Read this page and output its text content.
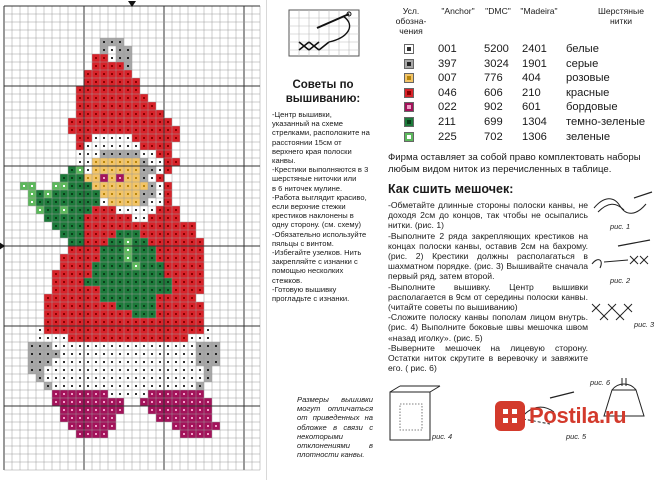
Советы по вышиванию:
-Центр вышивки, указанный на схеме стрелками, расположите на расстоянии 15см от верхнего края полоски канвы.
-Крестики выполняются в 3 шерстяные ниточки или
в 6 ниточек мулине.
-Работа выглядит красиво, если верхние стежки крестиков наклонены в одну сторону. (см. схему)
-Обязательно используйте пяльцы с винтом.
-Избегайте узелков. Нить закрепляйте с изнанки с помощью несколких стежков.
-Готовую вышивку прогладьте с изнанки.
Размеры вышивки могут отличаться от приведенных на обложке в связи с некоторыми отклонениями в плотности канвы.
Усл. обозна- чения
"Anchor"	"DMC"	"Madeira"	Шерстяные нитки
001 5200 2401 белые
397 3024 1901 серые
007 776 404 розовые
046 606 210 красные
022 902 601 бордовые
211	699 1304 темно-зеленые
225 702 1306 зеленые
Фирма оставляет за собой право комплектовать наборы любым видом ниток из перечисленных в таблице.
Как сшить мешочек:
-Обметайте длинные стороны полоски канвы, не доходя 2см до концов, так чтобы не осыпались нитки. (рис. 1)
-Выполните 2 ряда закрепляющих крестиков на концах полоски канвы, оставив 2см на бахрому. (рис. 2) Крестики должны располагаться в шахматном порядке. (рис. 3) Вышивайте сначала первый ряд, затем второй.
-Выполните вышивку. Центр вышивки располагается в 9см от середины полоски канвы.(читайте советы по вышиванию)
-Сложите полоску канвы пополам лицом внутрь. (рис. 4) Выполните боковые швы мешочка швом «назад иголку». (рис. 5)
-Выверните мешочек на лицевую сторону. Остатки ниток скрутите в веревочку и завяжите его. ( рис. 6)
рис. 1
рис. 2
рис. 3
рис. 4	рис. 5
рис. 6
Postila.ru
